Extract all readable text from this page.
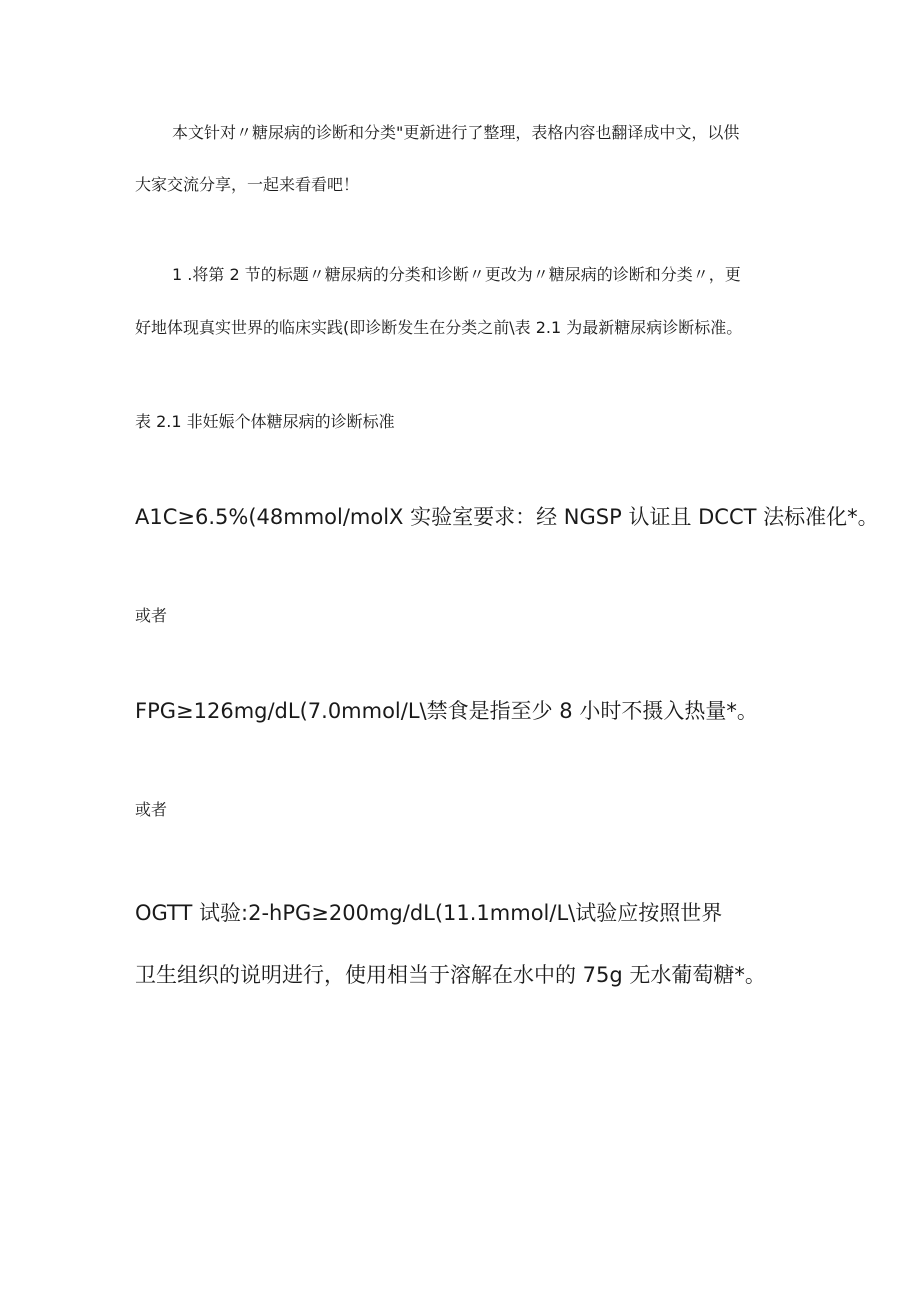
本文针对〃糖尿病的诊断和分类"更新进行了整理，表格内容也翻译成中文，以供
大家交流分享，一起来看看吧！
1 .将第 2 节的标题〃糖尿病的分类和诊断〃更改为〃糖尿病的诊断和分类〃，更
好地体现真实世界的临床实践(即诊断发生在分类之前\表 2.1 为最新糖尿病诊断标准。
表 2.1 非妊娠个体糖尿病的诊断标准
A1C≥6.5%(48mmol/molX 实验室要求：经 NGSP 认证且 DCCT 法标准化*。
或者
FPG≥126mg/dL(7.0mmol/L\禁食是指至少 8 小时不摄入热量*。
或者
OGTT 试验:2-hPG≥200mg/dL(11.1mmol/L\试验应按照世界
卫生组织的说明进行，使用相当于溶解在水中的 75g 无水葡萄糖*。
